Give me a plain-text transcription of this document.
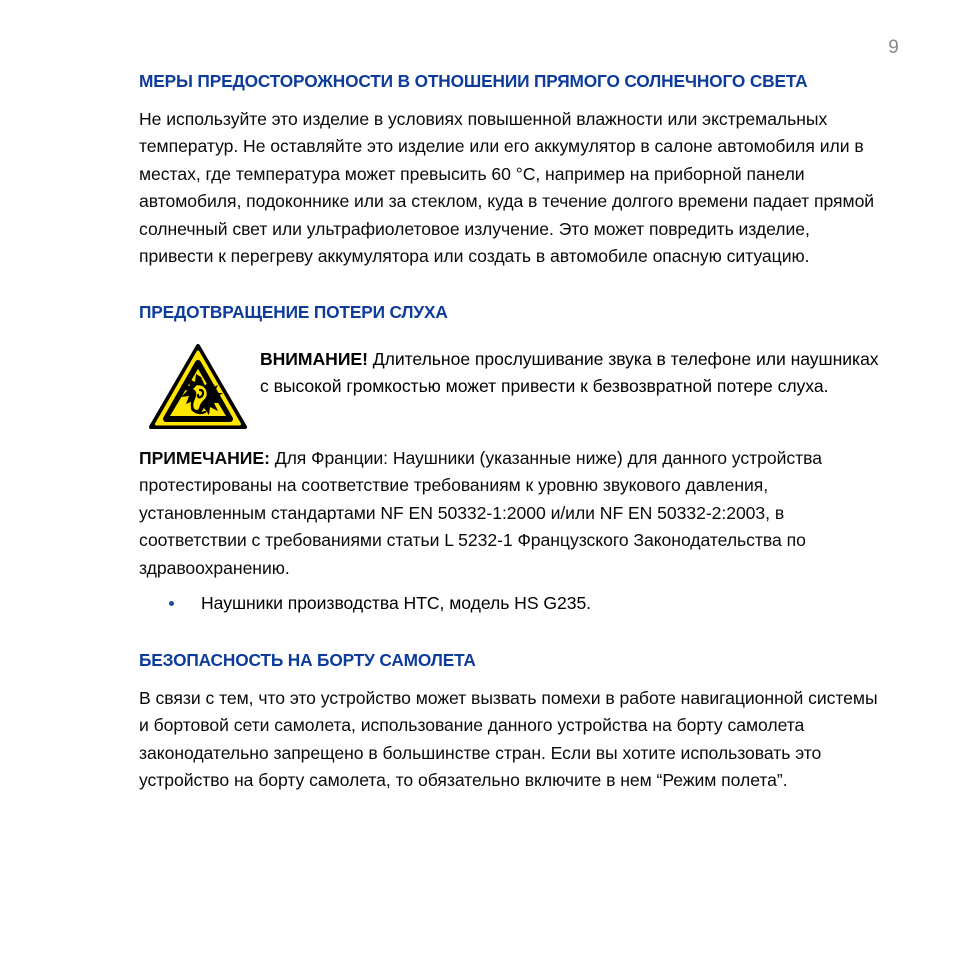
9
МЕРЫ ПРЕДОСТОРОЖНОСТИ В ОТНОШЕНИИ ПРЯМОГО СОЛНЕЧНОГО СВЕТА

Не используйте это изделие в условиях повышенной влажности или экстремальных температур. Не оставляйте это изделие или его аккумулятор в салоне автомобиля или в местах, где температура может превысить 60 °C, например на приборной панели автомобиля, подоконнике или за стеклом, куда в течение долгого времени падает прямой солнечный свет или ультрафиолетовое излучение. Это может повредить изделие, привести к перегреву аккумулятора или создать в автомобиле опасную ситуацию.

ПРЕДОТВРАЩЕНИЕ ПОТЕРИ СЛУХА
ВНИМАНИЕ! Длительное прослушивание звука в телефоне или наушниках с высокой громкостью может привести к безвозвратной потере слуха.

ПРИМЕЧАНИЕ: Для Франции: Наушники (указанные ниже) для данного устройства протестированы на соответствие требованиям к уровню звукового давления, установленным стандартами NF EN 50332-1:2000 и/или NF EN 50332-2:2003, в соответствии с требованиями статьи L 5232-1 Французского Законодательства по здравоохранению.

Наушники производства HTC, модель HS G235.
БЕЗОПАСНОСТЬ НА БОРТУ САМОЛЕТА

В связи с тем, что это устройство может вызвать помехи в работе навигационной системы и бортовой сети самолета, использование данного устройства на борту самолета законодательно запрещено в большинстве стран. Если вы хотите использовать это устройство на борту самолета, то обязательно включите в нем “Режим полета”.
